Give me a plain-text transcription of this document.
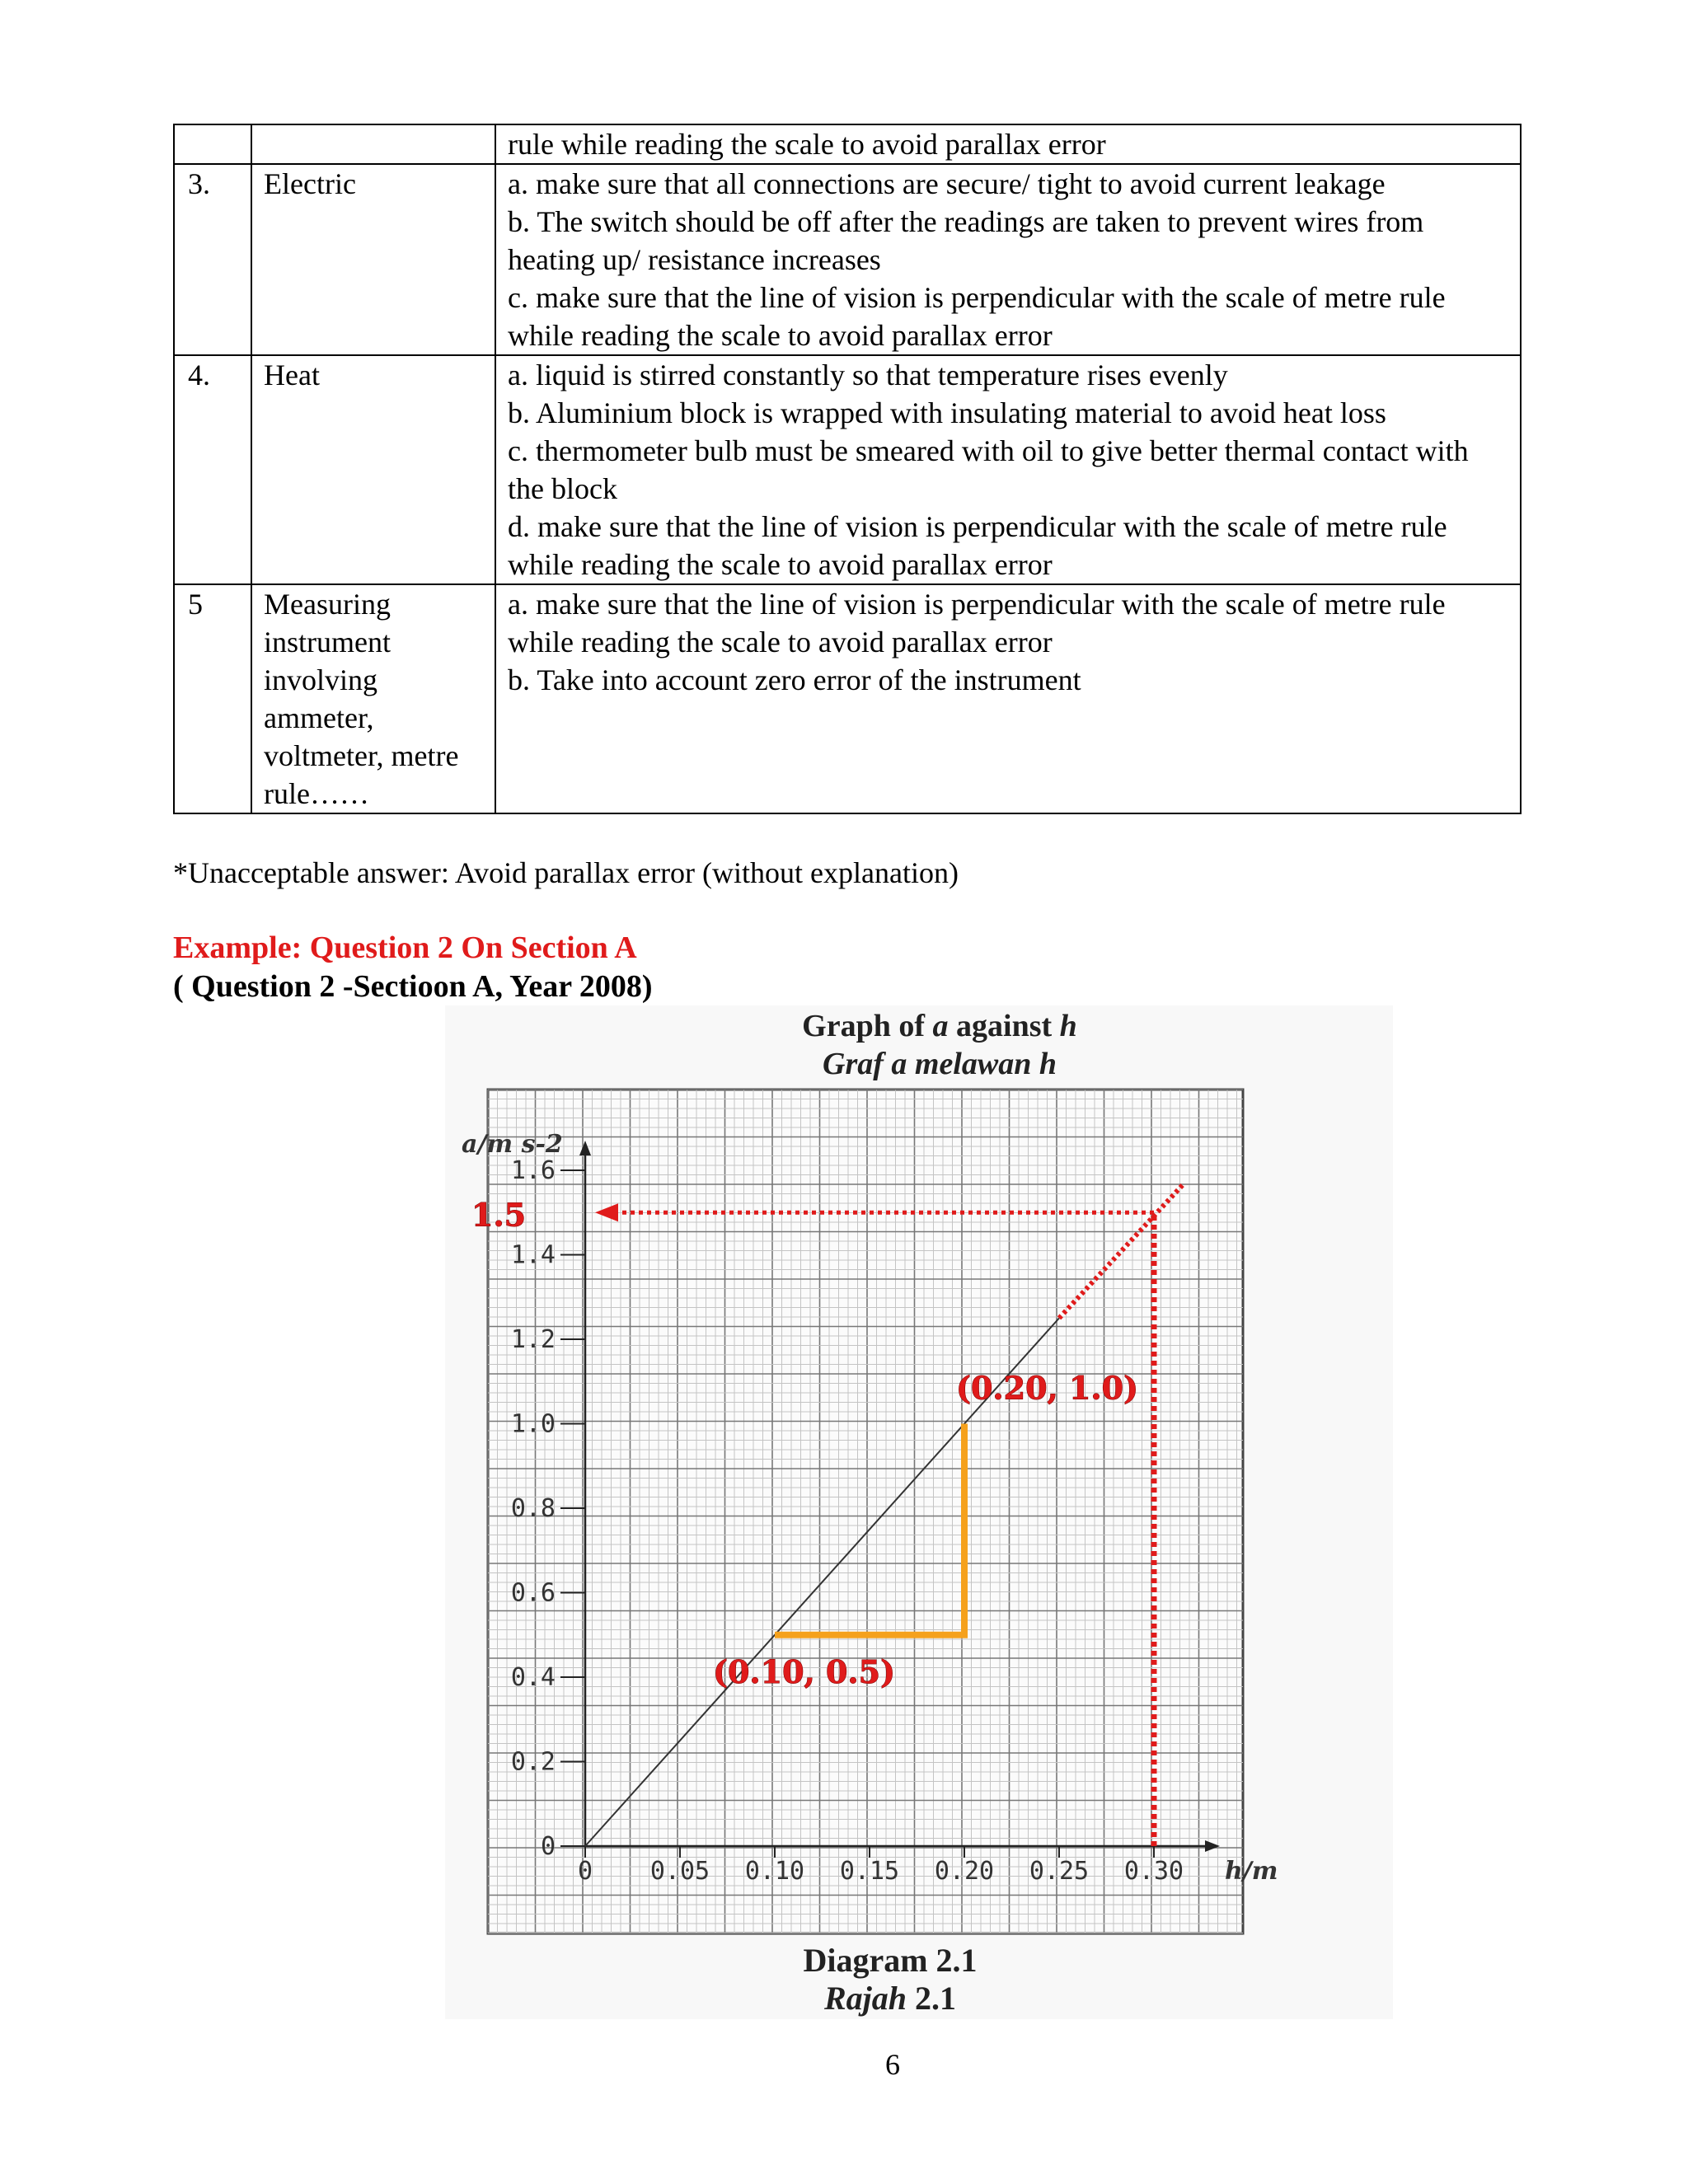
		rule while reading the scale to avoid parallax error

3.	Electric	a. make sure that all connections are secure/ tight to avoid current leakage
b. The switch should be off after the readings are taken to prevent wires from heating up/ resistance increases
c. make sure that the line of vision is perpendicular with the scale of metre rule while reading the scale to avoid parallax error

4.	Heat	a. liquid is stirred constantly so that temperature rises evenly
b. Aluminium block is wrapped with insulating material to avoid heat loss
c. thermometer bulb must be smeared with oil to give better thermal contact with the block
d. make sure that the line of vision is perpendicular with the scale of metre rule while reading the scale to avoid parallax error

5	Measuring instrument involving ammeter, voltmeter, metre rule……	a. make sure that the line of vision is perpendicular with the scale of metre rule while reading the scale to avoid parallax error
b. Take into account zero error of the instrument
*Unacceptable answer: Avoid parallax error (without explanation)
Example: Question 2 On Section A
( Question 2 -Sectioon A, Year 2008)
Graph of a against h
Graf a melawan h
0
0.2
0.4
0.6
0.8
1.0
1.2
1.4
1.6
0 0.05 0.10 0.15 0.20 0.25 0.30
a/m s-2
h/m
(0.10, 0.5)
(0.20, 1.0)
1.5
Diagram 2.1
Rajah 2.1
6
